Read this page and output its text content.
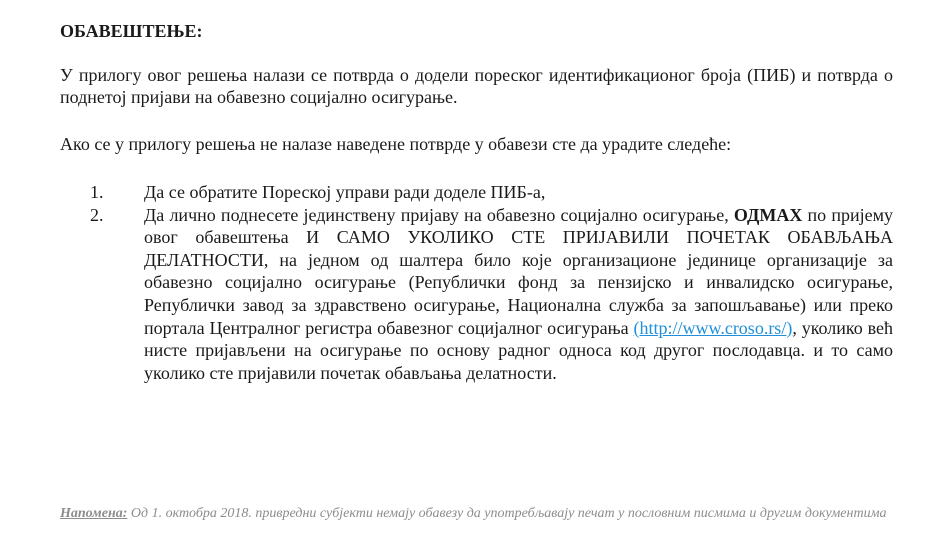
ОБАВЕШТЕЊЕ:
У прилогу овог решења налази се потврда о додели пореског идентификационог броја (ПИБ) и потврда о поднетој пријави на обавезно социјално осигурање.
Ако се у прилогу решења не налазе наведене потврде у обавези сте да урадите следеће:
1. Да се обратите Пореској управи ради доделе ПИБ-а,
2. Да лично поднесете јединствену пријаву на обавезно социјално осигурање, ОДМАХ по пријему овог обавештења И САМО УКОЛИКО СТЕ ПРИЈАВИЛИ ПОЧЕТАК ОБАВЉАЊА ДЕЛАТНОСТИ, на једном од шалтера било које организационе јединице организације за обавезно социјално осигурање (Републички фонд за пензијско и инвалидско осигурање, Републички завод за здравствено осигурање, Национална служба за запошљавање) или преко портала Централног регистра обавезног социјалног осигурања (http://www.croso.rs/), уколико већ нисте пријављени на осигурање по основу радног односа код другог послодавца. и то само уколико сте пријавили почетак обављања делатности.
Напомена: Од 1. октобра 2018. привредни субјекти немају обавезу да употребљавају печат у пословним писмима и другим документима
